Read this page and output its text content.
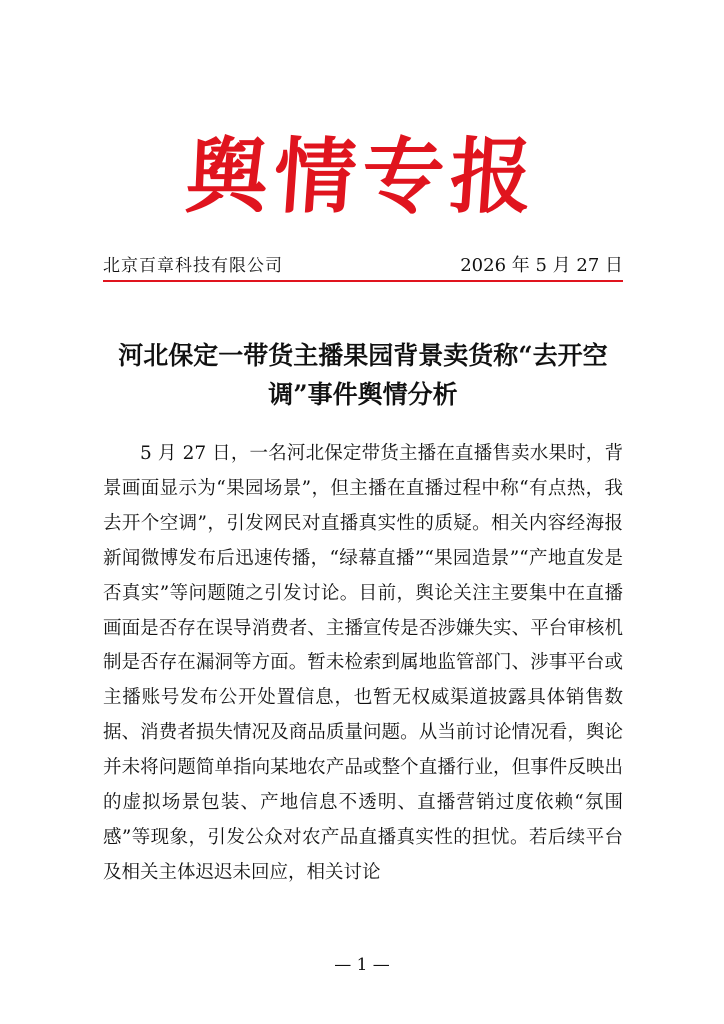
舆情专报
北京百章科技有限公司	2026 年 5 月 27 日
河北保定一带货主播果园背景卖货称“去开空调”事件舆情分析

5 月 27 日，一名河北保定带货主播在直播售卖水果时，背景画面显示为“果园场景”，但主播在直播过程中称“有点热，我去开个空调”，引发网民对直播真实性的质疑。相关内容经海报新闻微博发布后迅速传播，“绿幕直播”“果园造景”“产地直发是否真实”等问题随之引发讨论。目前，舆论关注主要集中在直播画面是否存在误导消费者、主播宣传是否涉嫌失实、平台审核机制是否存在漏洞等方面。暂未检索到属地监管部门、涉事平台或主播账号发布公开处置信息，也暂无权威渠道披露具体销售数据、消费者损失情况及商品质量问题。从当前讨论情况看，舆论并未将问题简单指向某地农产品或整个直播行业，但事件反映出的虚拟场景包装、产地信息不透明、直播营销过度依赖“氛围感”等现象，引发公众对农产品直播真实性的担忧。若后续平台及相关主体迟迟未回应，相关讨论

— 1 —
